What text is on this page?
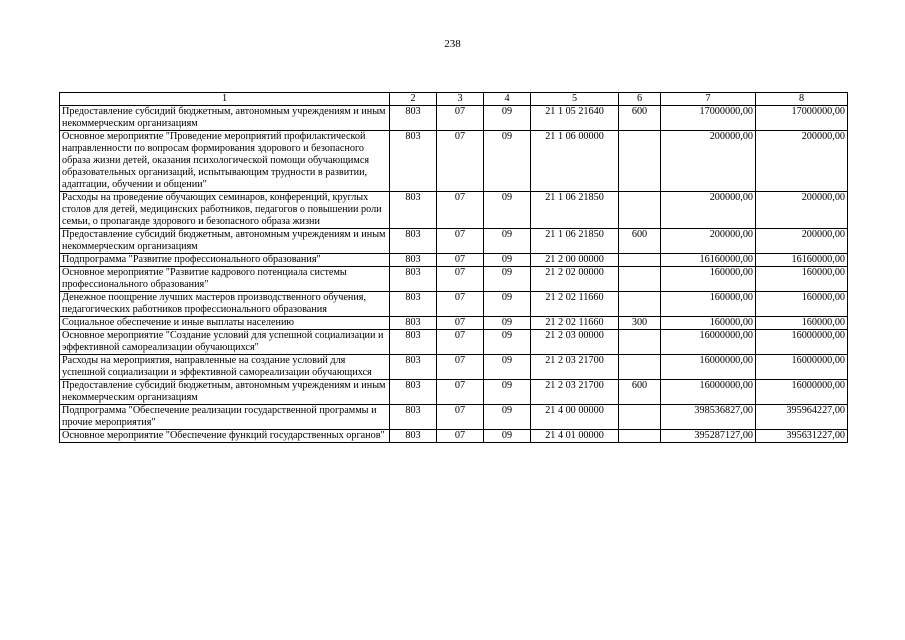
238
1	2	3	4	5	6	7	8
Предоставление субсидий бюджетным, автономным учреждениям и иным некоммерческим организациям	803	07	09	21 1 05 21640	600	17000000,00	17000000,00
Основное мероприятие "Проведение мероприятий профилактической направленности по вопросам формирования здорового и безопасного образа жизни детей, оказания психологической помощи обучающимся образовательных организаций, испытывающим трудности в развитии, адаптации, обучении и общении"	803	07	09	21 1 06 00000		200000,00	200000,00
Расходы на проведение обучающих семинаров, конференций, круглых столов для детей, медицинских работников, педагогов о повышении роли семьи, о пропаганде здорового и безопасного образа жизни	803	07	09	21 1 06 21850		200000,00	200000,00
Предоставление субсидий бюджетным, автономным учреждениям и иным некоммерческим организациям	803	07	09	21 1 06 21850	600	200000,00	200000,00
Подпрограмма "Развитие профессионального образования"	803	07	09	21 2 00 00000		16160000,00	16160000,00
Основное мероприятие "Развитие кадрового потенциала системы профессионального образования"	803	07	09	21 2 02 00000		160000,00	160000,00
Денежное поощрение лучших мастеров производственного обучения, педагогических работников профессионального образования	803	07	09	21 2 02 11660		160000,00	160000,00
Социальное обеспечение и иные выплаты населению	803	07	09	21 2 02 11660	300	160000,00	160000,00
Основное мероприятие "Создание условий для успешной социализации и эффективной самореализации обучающихся"	803	07	09	21 2 03 00000		16000000,00	16000000,00
Расходы на мероприятия, направленные на создание условий для успешной социализации и эффективной самореализации обучающихся	803	07	09	21 2 03 21700		16000000,00	16000000,00
Предоставление субсидий бюджетным, автономным учреждениям и иным некоммерческим организациям	803	07	09	21 2 03 21700	600	16000000,00	16000000,00
Подпрограмма "Обеспечение реализации государственной программы и прочие мероприятия"	803	07	09	21 4 00 00000		398536827,00	395964227,00
Основное мероприятие "Обеспечение функций государственных органов"	803	07	09	21 4 01 00000		395287127,00	395631227,00
